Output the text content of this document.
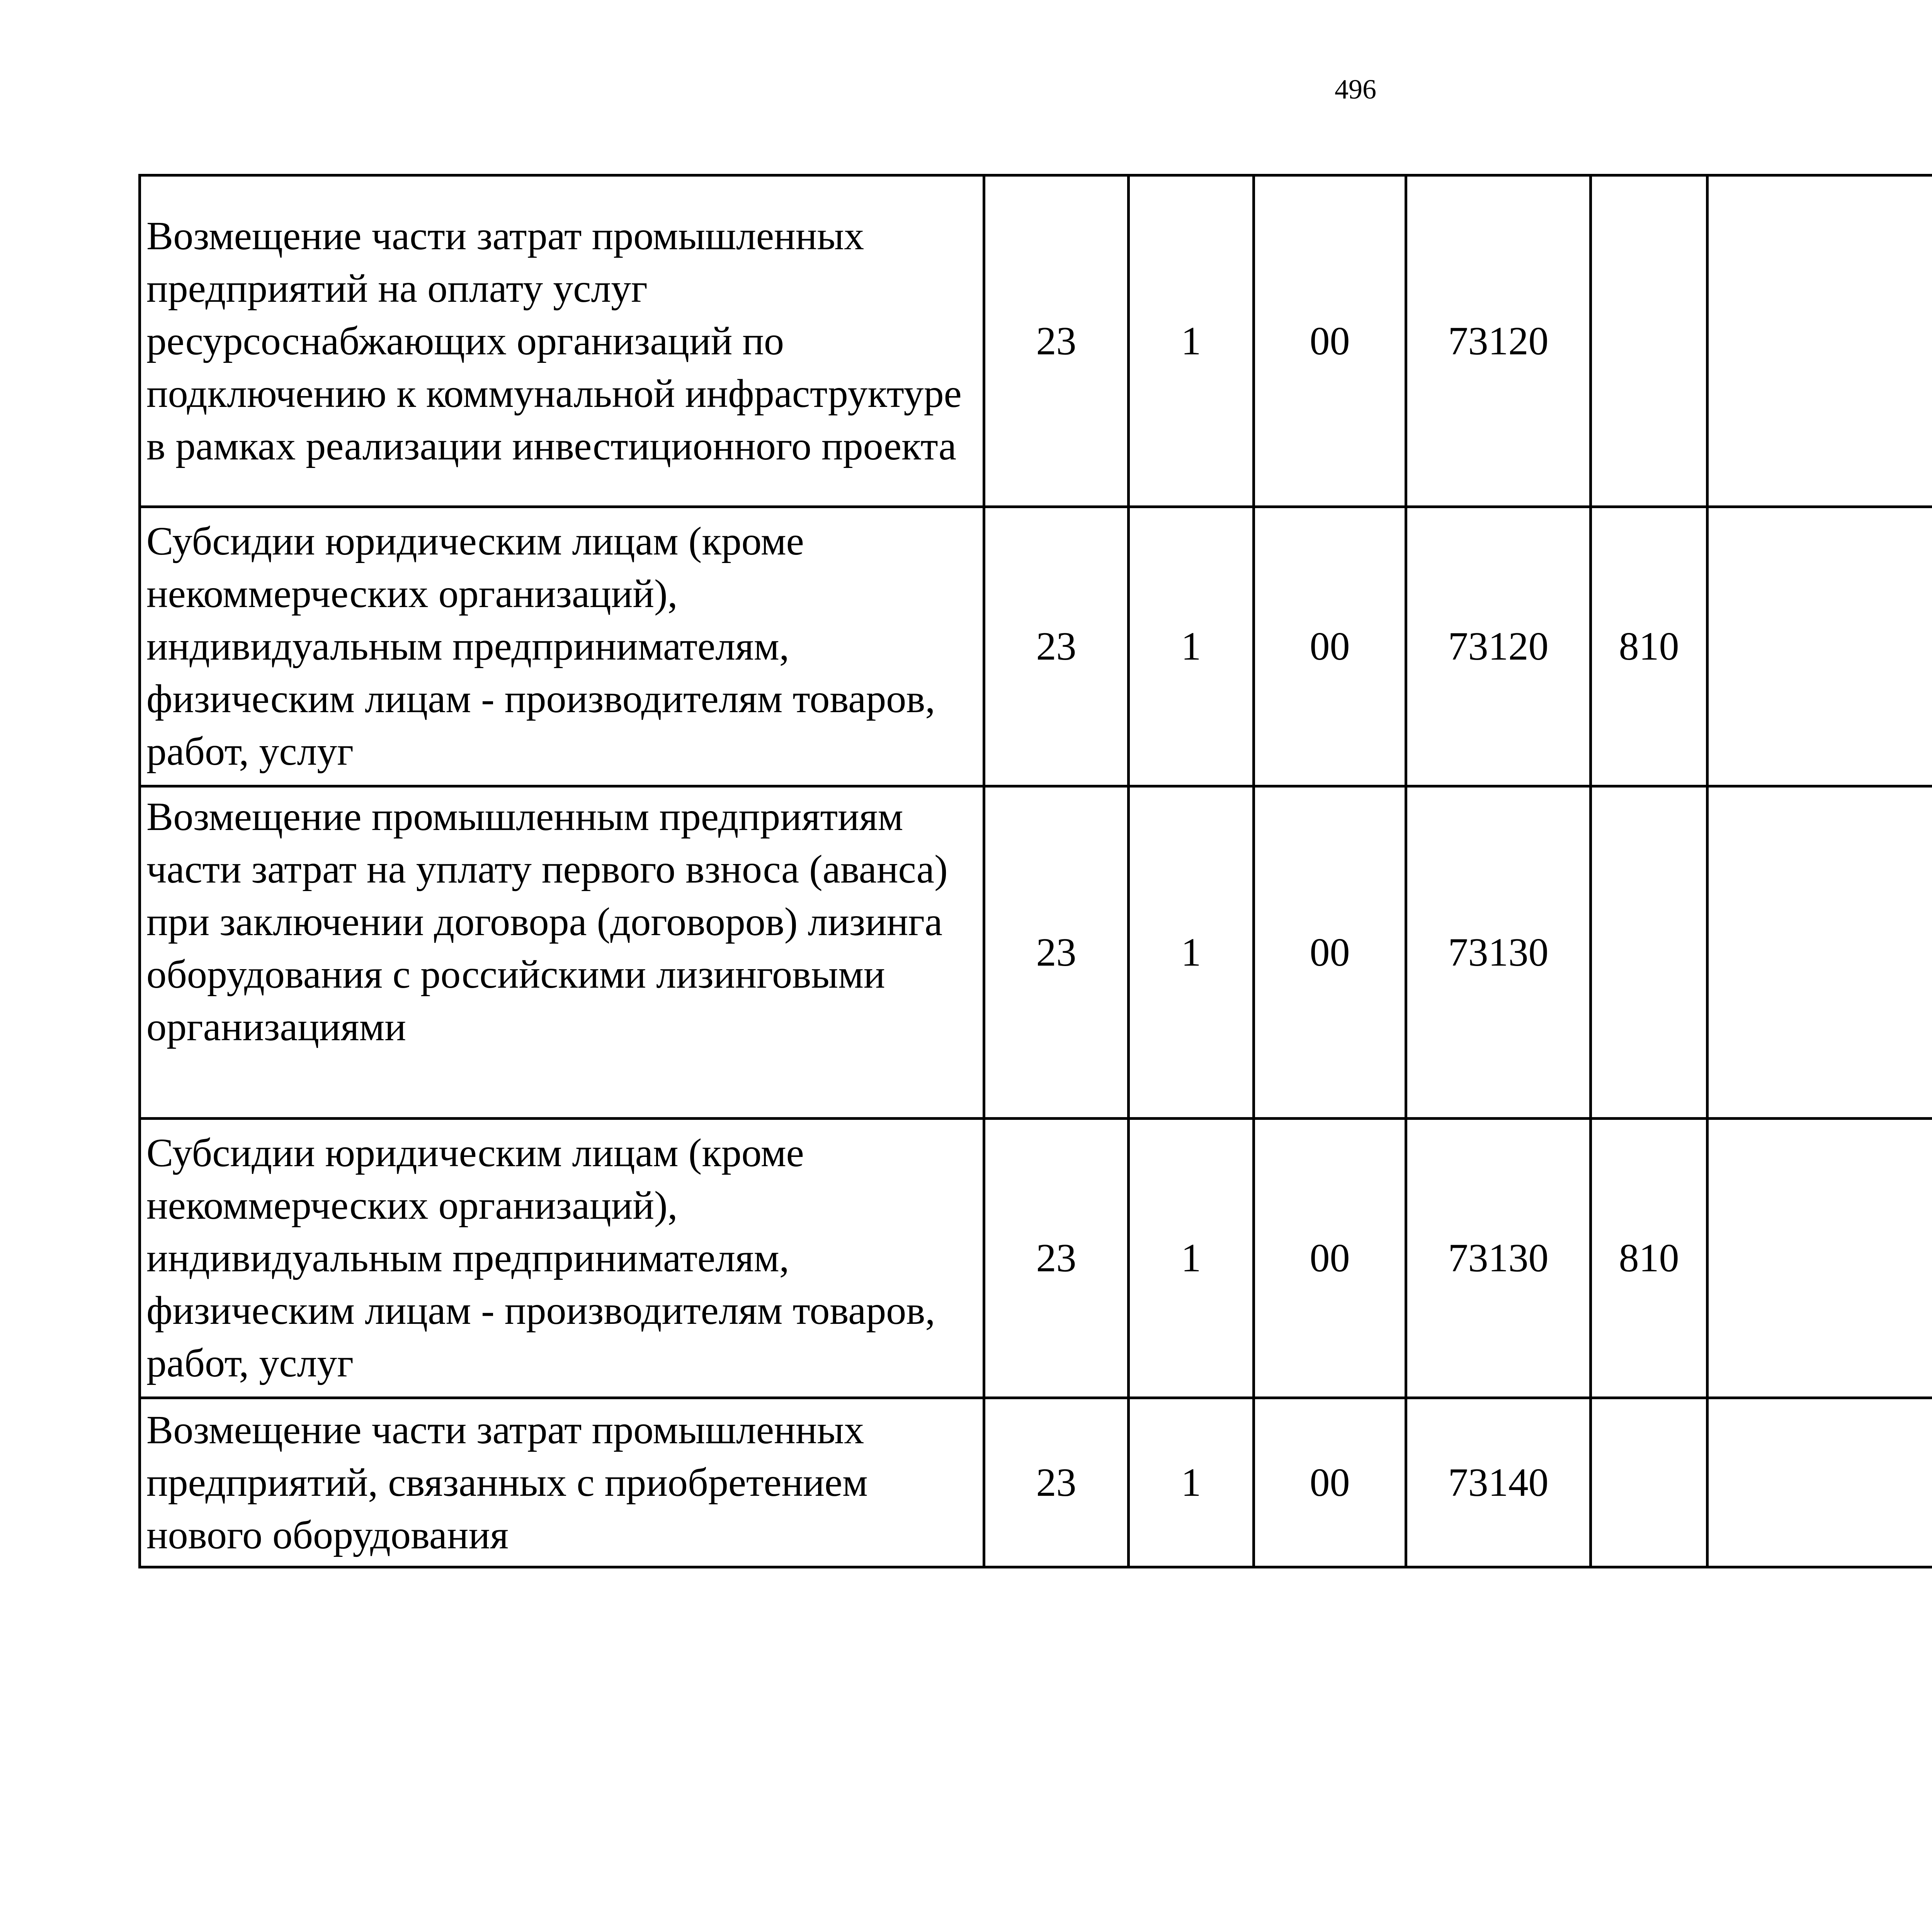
496
Возмещение части затрат промышленных предприятий на оплату услуг ресурсоснабжающих организаций по подключению к коммунальной инфраструктуре в рамках реализации инвестиционного проекта	23	1	00	73120				
Субсидии юридическим лицам (кроме некоммерческих организаций), индивидуальным предпринимателям, физическим лицам - производителям товаров, работ, услуг	23	1	00	73120	810			
Возмещение промышленным предприятиям части затрат на уплату первого взноса (аванса) при заключении договора (договоров) лизинга оборудования с российскими лизинговыми организациями	23	1	00	73130				
Субсидии юридическим лицам (кроме некоммерческих организаций), индивидуальным предпринимателям, физическим лицам - производителям товаров, работ, услуг	23	1	00	73130	810			
Возмещение части затрат промышленных предприятий, связанных с приобретением нового оборудования	23	1	00	73140				
